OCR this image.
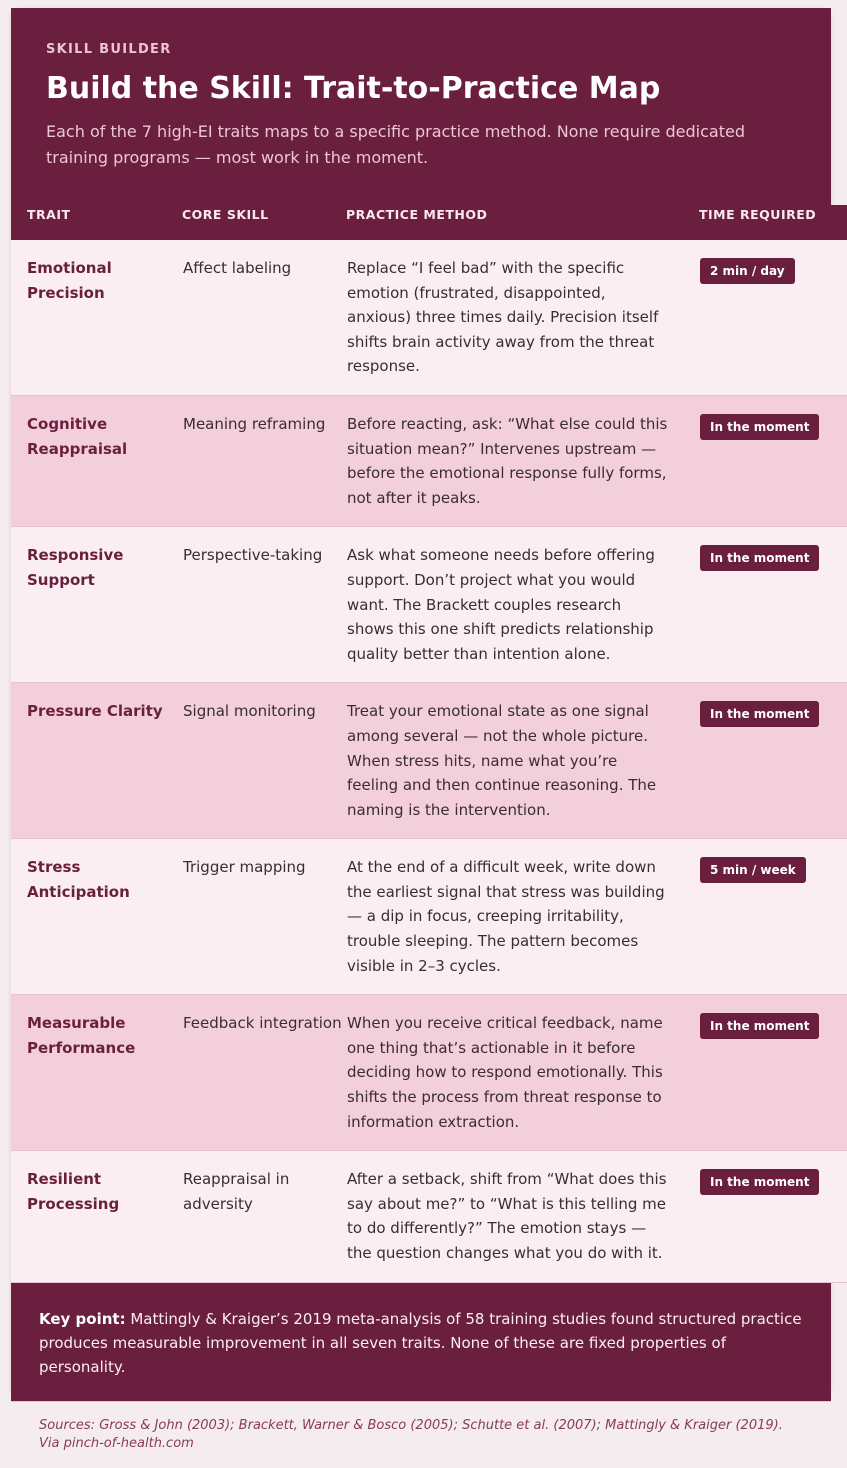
SKILL BUILDER
Build the Skill: Trait-to-Practice Map

Each of the 7 high-EI traits maps to a specific practice method. None require dedicated training programs — most work in the moment.

TRAIT	CORE SKILL	PRACTICE METHOD	TIME REQUIRED
Emotional Precision	Affect labeling	Replace “I feel bad” with the specific emotion (frustrated, disappointed, anxious) three times daily. Precision itself shifts brain activity away from the threat response.	2 min / day
Cognitive Reappraisal	Meaning reframing	Before reacting, ask: “What else could this situation mean?” Intervenes upstream — before the emotional response fully forms, not after it peaks.	In the moment
Responsive Support	Perspective-taking	Ask what someone needs before offering support. Don’t project what you would want. The Brackett couples research shows this one shift predicts relationship quality better than intention alone.	In the moment
Pressure Clarity	Signal monitoring	Treat your emotional state as one signal among several — not the whole picture. When stress hits, name what you’re feeling and then continue reasoning. The naming is the intervention.	In the moment
Stress Anticipation	Trigger mapping	At the end of a difficult week, write down the earliest signal that stress was building — a dip in focus, creeping irritability, trouble sleeping. The pattern becomes visible in 2–3 cycles.	5 min / week
Measurable Performance	Feedback integration	When you receive critical feedback, name one thing that’s actionable in it before deciding how to respond emotionally. This shifts the process from threat response to information extraction.	In the moment
Resilient Processing	Reappraisal in adversity	After a setback, shift from “What does this say about me?” to “What is this telling me to do differently?” The emotion stays — the question changes what you do with it.	In the moment
Key point: Mattingly & Kraiger’s 2019 meta-analysis of 58 training studies found structured practice produces measurable improvement in all seven traits. None of these are fixed properties of personality.
Sources: Gross & John (2003); Brackett, Warner & Bosco (2005); Schutte et al. (2007); Mattingly & Kraiger (2019). Via pinch-of-health.com
